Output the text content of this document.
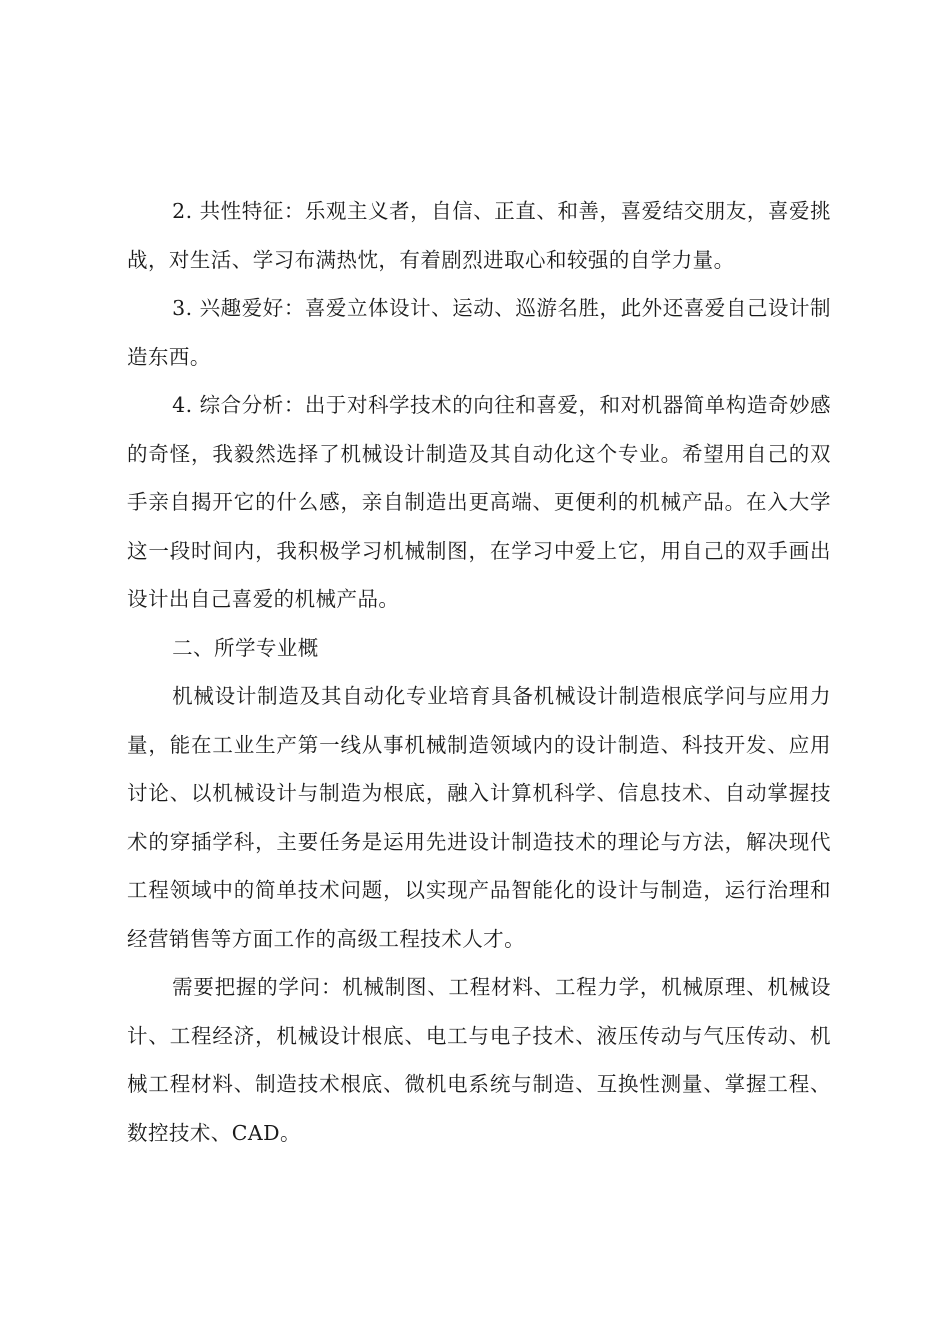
2. 共性特征：乐观主义者，自信、正直、和善，喜爱结交朋友，喜爱挑战，对生活、学习布满热忱，有着剧烈进取心和较强的自学力量。

3. 兴趣爱好：喜爱立体设计、运动、巡游名胜，此外还喜爱自己设计制造东西。

4. 综合分析：出于对科学技术的向往和喜爱，和对机器简单构造奇妙感的奇怪，我毅然选择了机械设计制造及其自动化这个专业。希望用自己的双手亲自揭开它的什么感，亲自制造出更高端、更便利的机械产品。在入大学这一段时间内，我积极学习机械制图，在学习中爱上它，用自己的双手画出设计出自己喜爱的机械产品。

二、所学专业概

机械设计制造及其自动化专业培育具备机械设计制造根底学问与应用力量，能在工业生产第一线从事机械制造领域内的设计制造、科技开发、应用讨论、以机械设计与制造为根底，融入计算机科学、信息技术、自动掌握技术的穿插学科，主要任务是运用先进设计制造技术的理论与方法，解决现代工程领域中的简单技术问题，以实现产品智能化的设计与制造，运行治理和经营销售等方面工作的高级工程技术人才。

需要把握的学问：机械制图、工程材料、工程力学，机械原理、机械设计、工程经济，机械设计根底、电工与电子技术、液压传动与气压传动、机械工程材料、制造技术根底、微机电系统与制造、互换性测量、掌握工程、数控技术、CAD。
